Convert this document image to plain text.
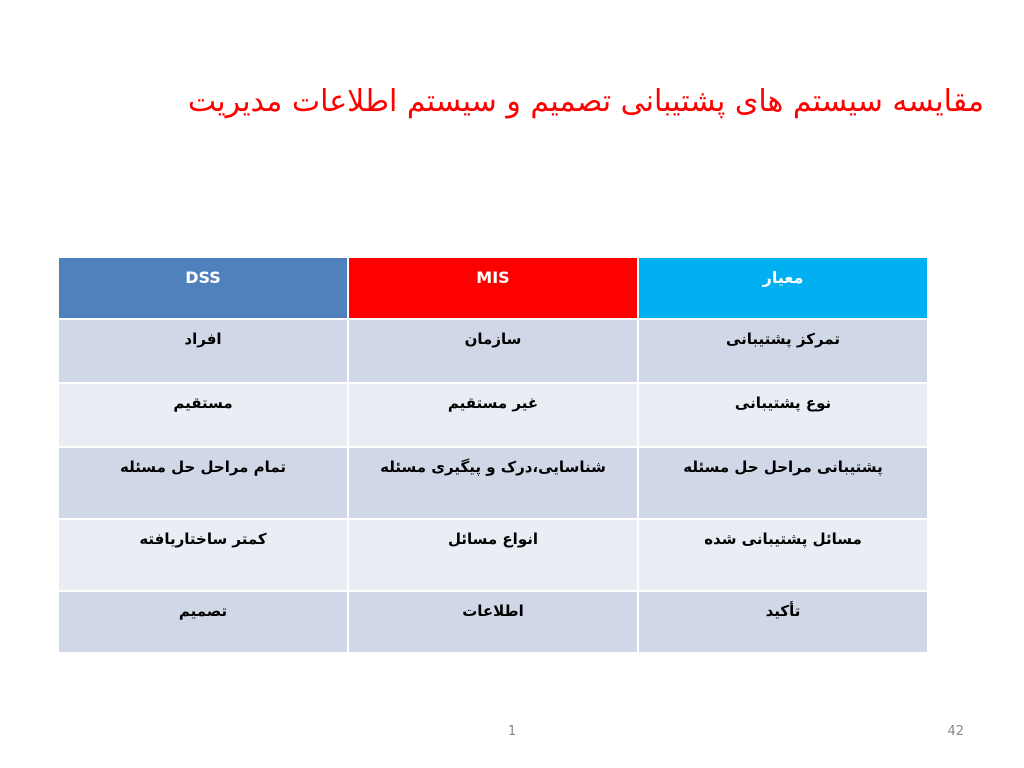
مقایسه سیستم های پشتیبانی تصمیم و سیستم اطلاعات مدیریت
DSS	MIS	معیار
افراد	سازمان	تمرکز پشتیبانی
مستقیم	غیر مستقیم	نوع پشتیبانی
تمام مراحل حل مسئله	شناسایی،درک و پیگیری مسئله	پشتیبانی مراحل حل مسئله
کمتر ساختاریافته	انواع مسائل	مسائل پشتیبانی شده
تصمیم	اطلاعات	تأکید
1	42
